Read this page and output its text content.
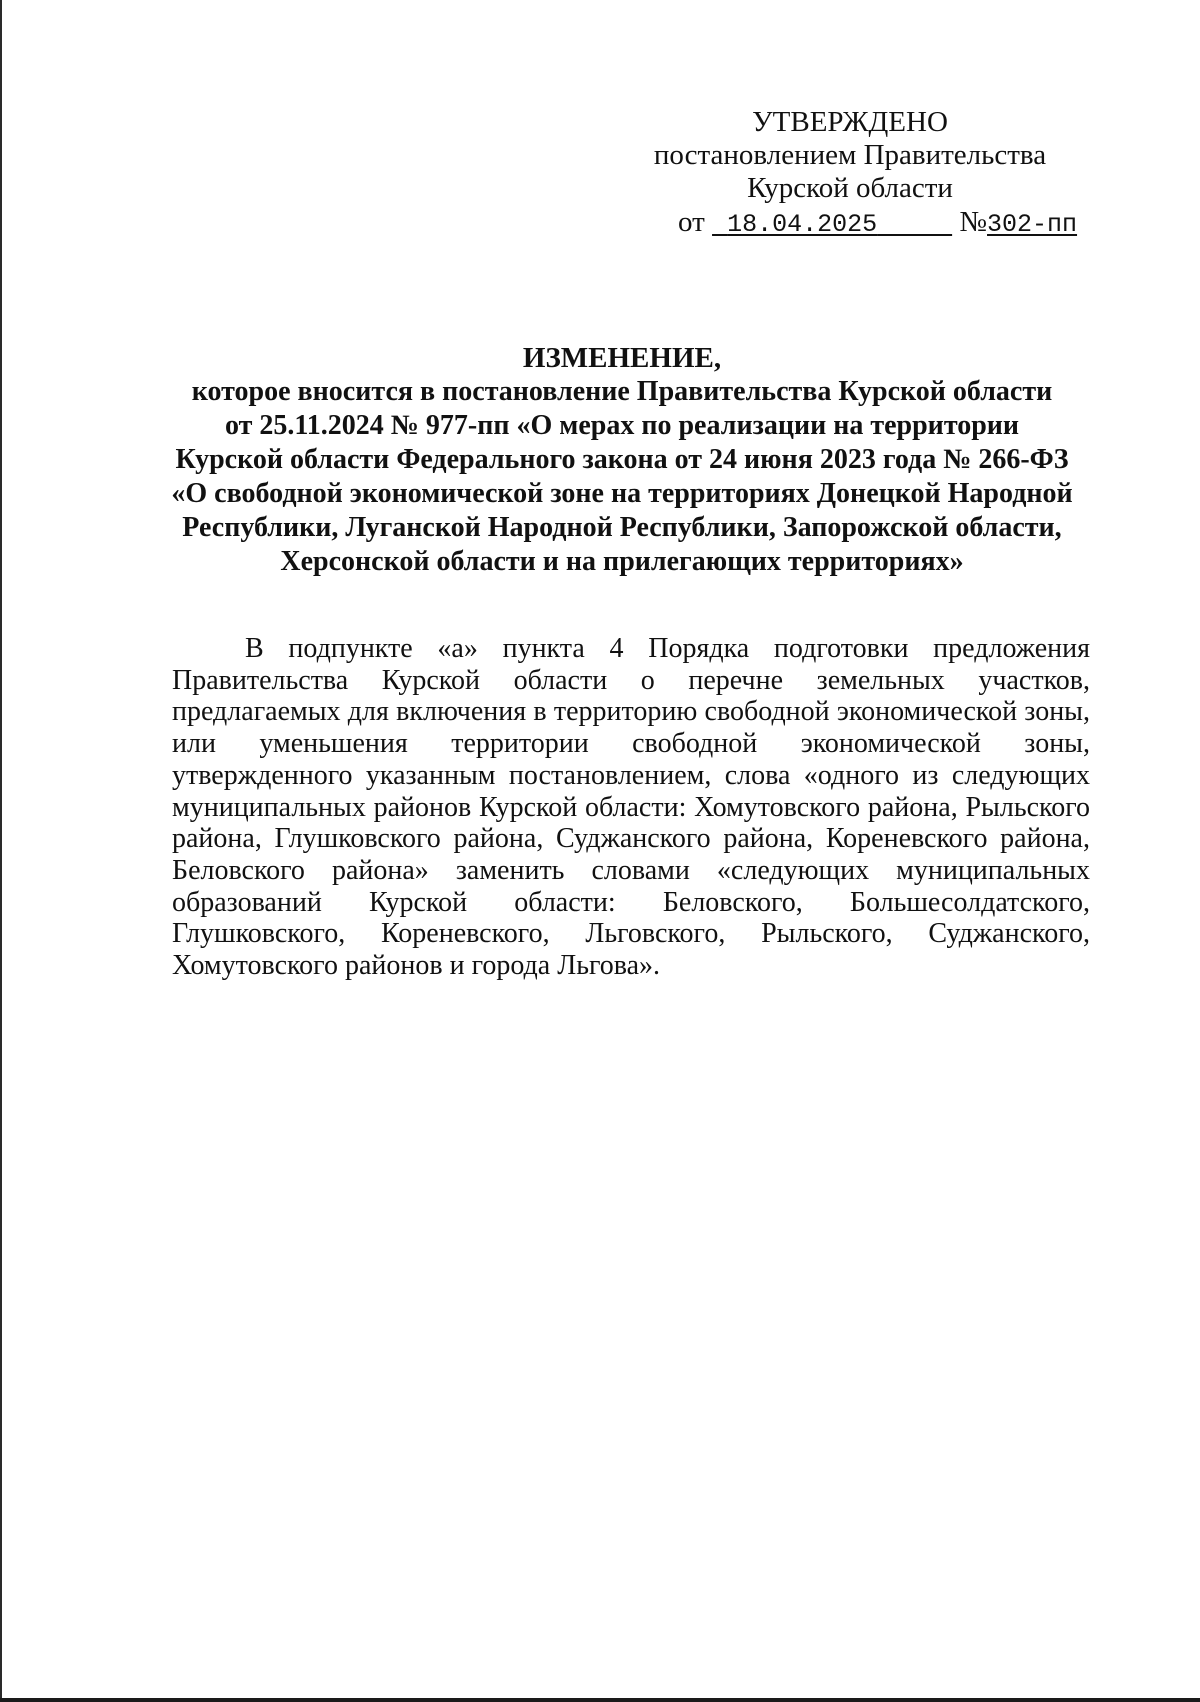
УТВЕРЖДЕНО
постановлением Правительства
Курской области
от 18.04.2025	№302-пп
ИЗМЕНЕНИЕ,
которое вносится в постановление Правительства Курской области
от 25.11.2024 № 977-пп «О мерах по реализации на территории
Курской области Федерального закона от 24 июня 2023 года № 266-ФЗ
«О свободной экономической зоне на территориях Донецкой Народной
Республики, Луганской Народной Республики, Запорожской области,
Херсонской области и на прилегающих территориях»

В подпункте «а» пункта 4 Порядка подготовки предложения Правительства Курской области о перечне земельных участков, предлагаемых для включения в территорию свободной экономической зоны, или уменьшения территории свободной экономической зоны, утвержденного указанным постановлением, слова «одного из следующих муниципальных районов Курской области: Хомутовского района, Рыльского района, Глушковского района, Суджанского района, Кореневского района, Беловского района» заменить словами «следующих муниципальных образований Курской области: Беловского, Большесолдатского, Глушковского, Кореневского, Льговского, Рыльского, Суджанского, Хомутовского районов и города Льгова».
